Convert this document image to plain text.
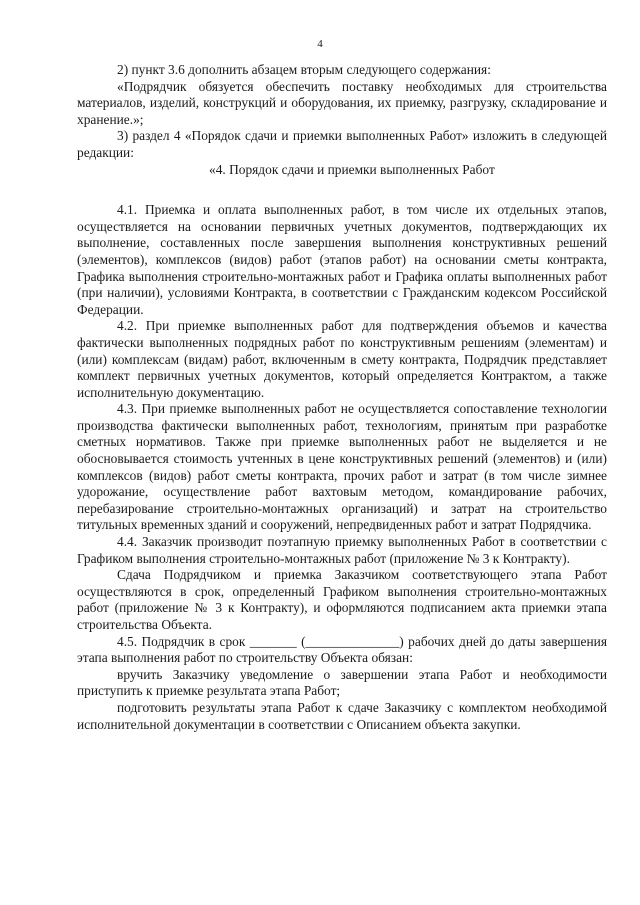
4

2) пункт 3.6 дополнить абзацем вторым следующего содержания:

«Подрядчик обязуется обеспечить поставку необходимых для строительства материалов, изделий, конструкций и оборудования, их приемку, разгрузку, складирование и хранение.»;

3) раздел 4 «Порядок сдачи и приемки выполненных Работ» изложить в следующей редакции:

«4. Порядок сдачи и приемки выполненных Работ

4.1. Приемка и оплата выполненных работ, в том числе их отдельных этапов, осуществляется на основании первичных учетных документов, подтверждающих их выполнение, составленных после завершения выполнения конструктивных решений (элементов), комплексов (видов) работ (этапов работ) на основании сметы контракта, Графика выполнения строительно-монтажных работ и Графика оплаты выполненных работ (при наличии), условиями Контракта, в соответствии с Гражданским кодексом Российской Федерации.

4.2. При приемке выполненных работ для подтверждения объемов и качества фактически выполненных подрядных работ по конструктивным решениям (элементам) и (или) комплексам (видам) работ, включенным в смету контракта, Подрядчик представляет комплект первичных учетных документов, который определяется Контрактом, а также исполнительную документацию.

4.3. При приемке выполненных работ не осуществляется сопоставление технологии производства фактически выполненных работ, технологиям, принятым при разработке сметных нормативов. Также при приемке выполненных работ не выделяется и не обосновывается стоимость учтенных в цене конструктивных решений (элементов) и (или) комплексов (видов) работ сметы контракта, прочих работ и затрат (в том числе зимнее удорожание, осуществление работ вахтовым методом, командирование рабочих, перебазирование строительно-монтажных организаций) и затрат на строительство титульных временных зданий и сооружений, непредвиденных работ и затрат Подрядчика.

4.4. Заказчик производит поэтапную приемку выполненных Работ в соответствии с Графиком выполнения строительно-монтажных работ (приложение № 3 к Контракту).

Сдача Подрядчиком и приемка Заказчиком соответствующего этапа Работ осуществляются в срок, определенный Графиком выполнения строительно-монтажных работ (приложение № 3 к Контракту), и оформляются подписанием акта приемки этапа строительства Объекта.

4.5. Подрядчик в срок _______ (______________) рабочих дней до даты завершения этапа выполнения работ по строительству Объекта обязан:

вручить Заказчику уведомление о завершении этапа Работ и необходимости приступить к приемке результата этапа Работ;

подготовить результаты этапа Работ к сдаче Заказчику с комплектом необходимой исполнительной документации в соответствии с Описанием объекта закупки.
